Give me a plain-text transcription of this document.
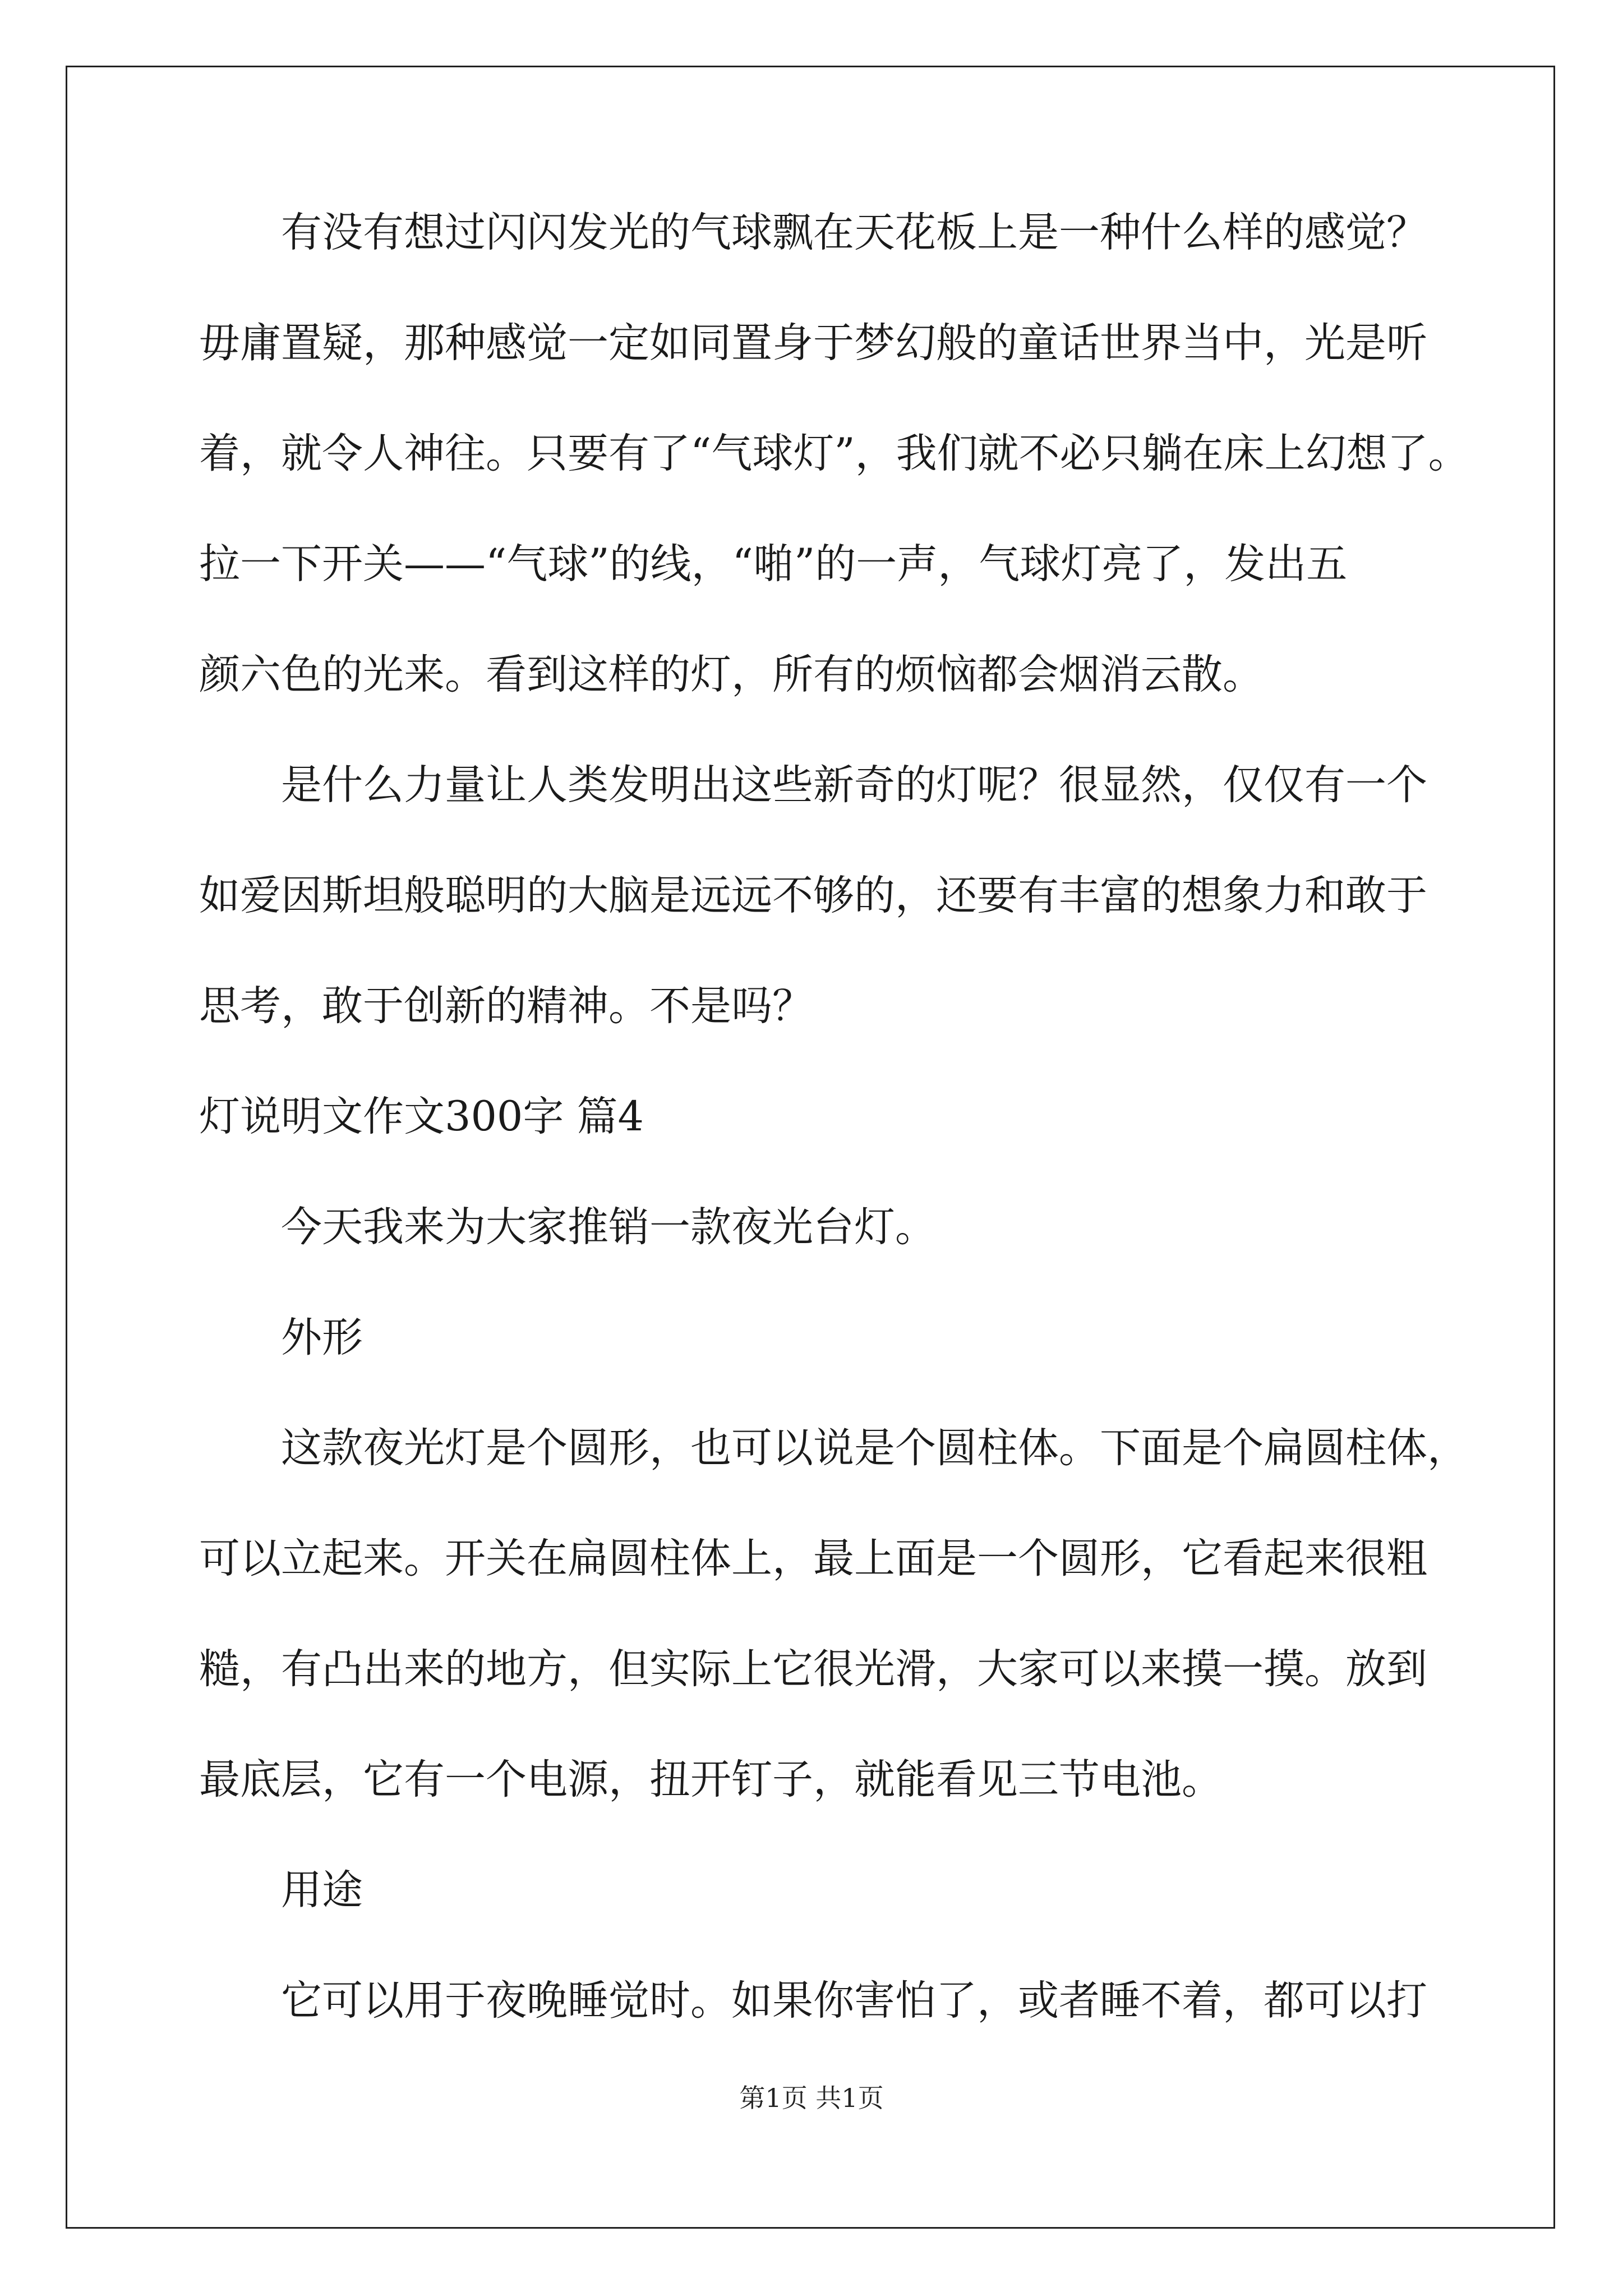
有没有想过闪闪发光的气球飘在天花板上是一种什么样的感觉？
毋庸置疑，那种感觉一定如同置身于梦幻般的童话世界当中，光是听
着，就令人神往。只要有了“气球灯”，我们就不必只躺在床上幻想了。
拉一下开关——“气球”的线，“啪”的一声，气球灯亮了，发出五
颜六色的光来。看到这样的灯，所有的烦恼都会烟消云散。
是什么力量让人类发明出这些新奇的灯呢？很显然，仅仅有一个
如爱因斯坦般聪明的大脑是远远不够的，还要有丰富的想象力和敢于
思考，敢于创新的精神。不是吗？
灯说明文作文300字 篇4
今天我来为大家推销一款夜光台灯。
外形
这款夜光灯是个圆形，也可以说是个圆柱体。下面是个扁圆柱体，
可以立起来。开关在扁圆柱体上，最上面是一个圆形，它看起来很粗
糙，有凸出来的地方，但实际上它很光滑，大家可以来摸一摸。放到
最底层，它有一个电源，扭开钉子，就能看见三节电池。
用途
它可以用于夜晚睡觉时。如果你害怕了，或者睡不着，都可以打
第1页 共1页
